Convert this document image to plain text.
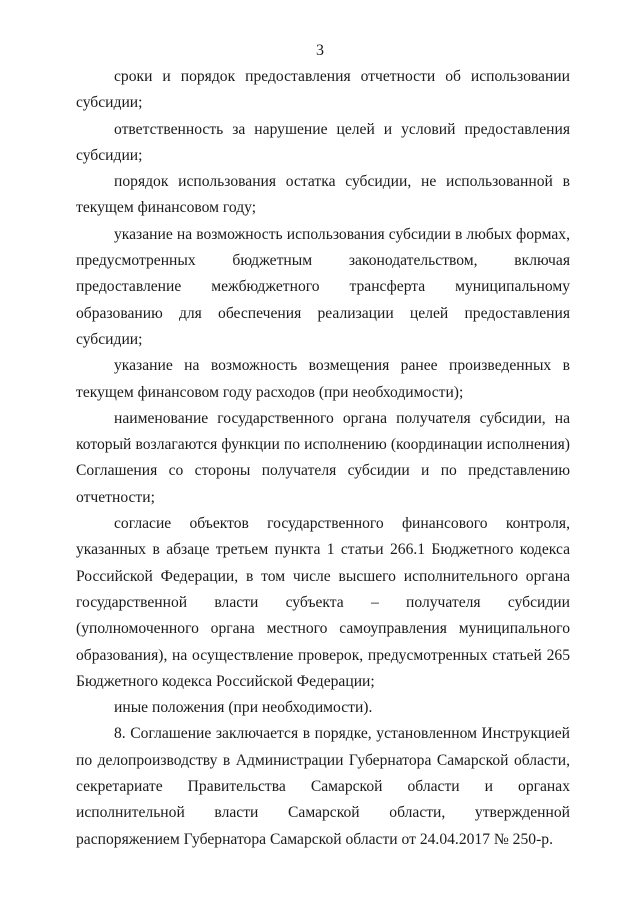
3

сроки и порядок предоставления отчетности об использовании субсидии;

ответственность за нарушение целей и условий предоставления субсидии;

порядок использования остатка субсидии, не использованной в текущем финансовом году;

указание на возможность использования субсидии в любых формах, предусмотренных бюджетным законодательством, включая предоставление межбюджетного трансферта муниципальному образованию для обеспечения реализации целей предоставления субсидии;

указание на возможность возмещения ранее произведенных в текущем финансовом году расходов (при необходимости);

наименование государственного органа получателя субсидии, на который возлагаются функции по исполнению (координации исполнения) Соглашения со стороны получателя субсидии и по представлению отчетности;

согласие объектов государственного финансового контроля, указанных в абзаце третьем пункта 1 статьи 266.1 Бюджетного кодекса Российской Федерации, в том числе высшего исполнительного органа государственной власти субъекта – получателя субсидии (уполномоченного органа местного самоуправления муниципального образования), на осуществление проверок, предусмотренных статьей 265 Бюджетного кодекса Российской Федерации;

иные положения (при необходимости).

8. Соглашение заключается в порядке, установленном Инструкцией по делопроизводству в Администрации Губернатора Самарской области, секретариате Правительства Самарской области и органах исполнительной власти Самарской области, утвержденной распоряжением Губернатора Самарской области от 24.04.2017 № 250-р.
